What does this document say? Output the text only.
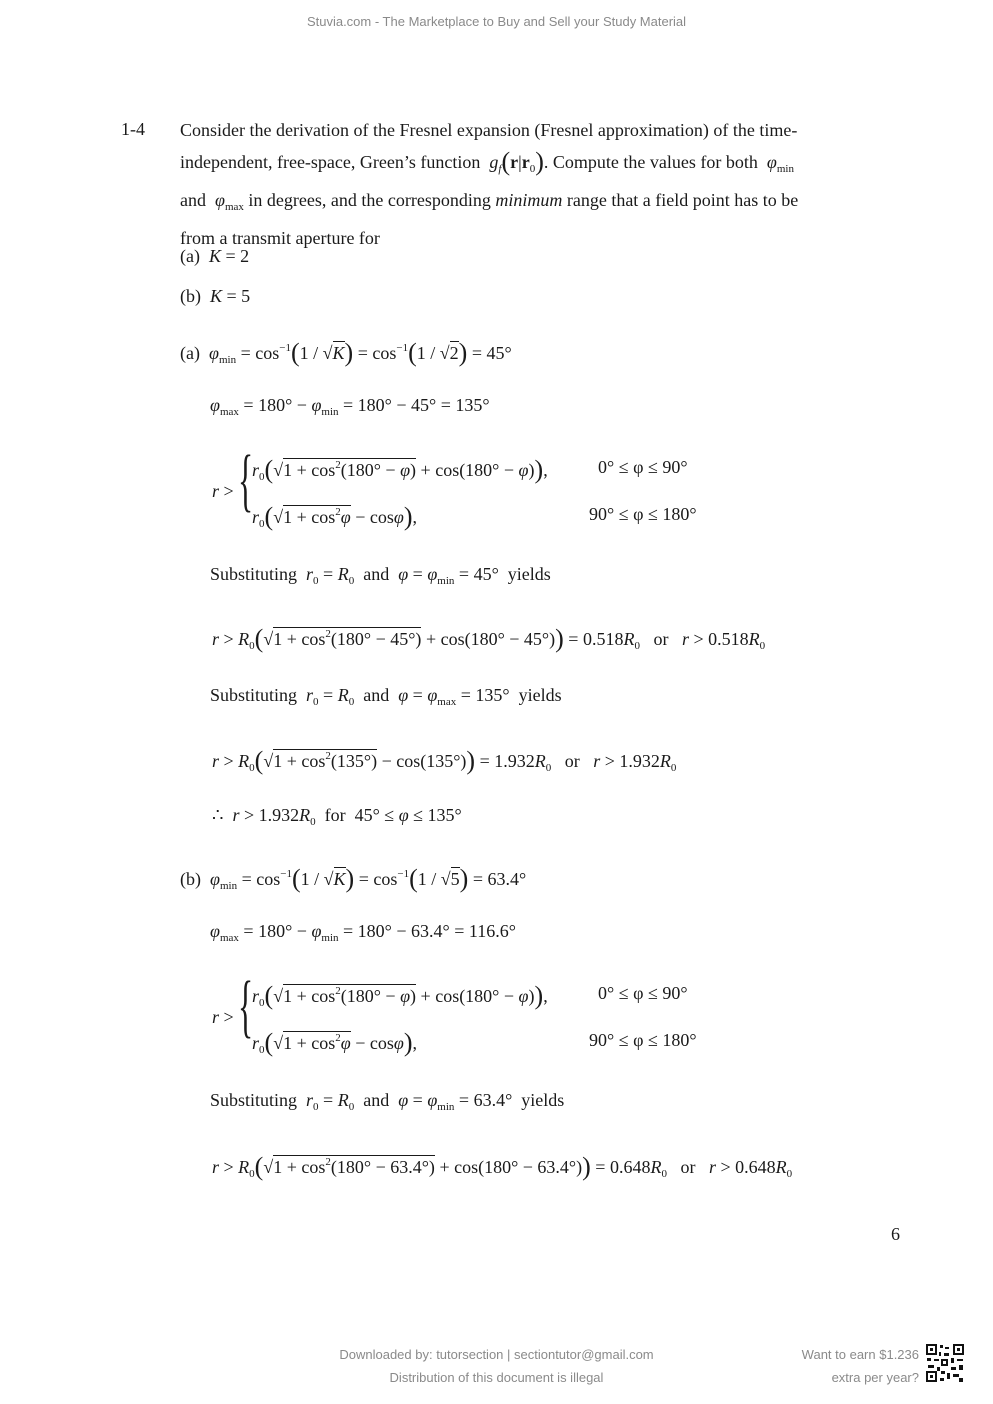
Stuvia.com - The Marketplace to Buy and Sell your Study Material
1-4 Consider the derivation of the Fresnel expansion (Fresnel approximation) of the time-
independent, free-space, Green’s function $g_f(r|r_0)$. Compute the values for both  $\varphi_{min}$
and  $\varphi_{max}$ in degrees, and the corresponding minimum range that a field point has to be
from a transmit aperture for
(a)  K = 2
(b)  K = 5
(a)  $\varphi_{min} = \cos^{-1}(1 / √K) = \cos^{-1}(1 / √2) = 45^\circ$
$\varphi_{max} = 180^\circ - \varphi_{min} = 180^\circ - 45^\circ = 135^\circ$
r > {
$r_0(√1 + \cos^2(180^\circ - \varphi) + \cos(180^\circ - \varphi))$,	0° ≤ φ ≤ 90°
$r_0(√1 + \cos^2\varphi - \cos\varphi)$,	90° ≤ φ ≤ 180°
Substituting  $r_0 = R_0$  and  $\varphi = \varphi_{min} = 45^\circ$  yields
$r > R_0(√1 + \cos^2(180^\circ - 45^\circ) + \cos(180^\circ - 45^\circ)) = 0.518R_0$   or   $r > 0.518R_0$
Substituting  $r_0 = R_0$  and  $\varphi = \varphi_{max} = 135^\circ$  yields
$r > R_0(√1 + \cos^2(135^\circ) - \cos(135^\circ)) = 1.932R_0$   or   $r > 1.932R_0$
∴  $r > 1.932R_0$  for  45° ≤ φ ≤ 135°
(b)  $\varphi_{min} = \cos^{-1}(1 / √K) = \cos^{-1}(1 / √5) = 63.4^\circ$
$\varphi_{max} = 180^\circ - \varphi_{min} = 180^\circ - 63.4^\circ = 116.6^\circ$
r > {
$r_0(√1 + \cos^2(180^\circ - \varphi) + \cos(180^\circ - \varphi))$,	0° ≤ φ ≤ 90°
$r_0(√1 + \cos^2\varphi - \cos\varphi)$,	90° ≤ φ ≤ 180°
Substituting  $r_0 = R_0$  and  $\varphi = \varphi_{min} = 63.4^\circ$  yields
$r > R_0(√1 + \cos^2(180^\circ - 63.4^\circ) + \cos(180^\circ - 63.4^\circ)) = 0.648R_0$   or   $r > 0.648R_0$
6
Downloaded by: tutorsection | sectiontutor@gmail.com
Distribution of this document is illegal
Want to earn $1.236
extra per year?
